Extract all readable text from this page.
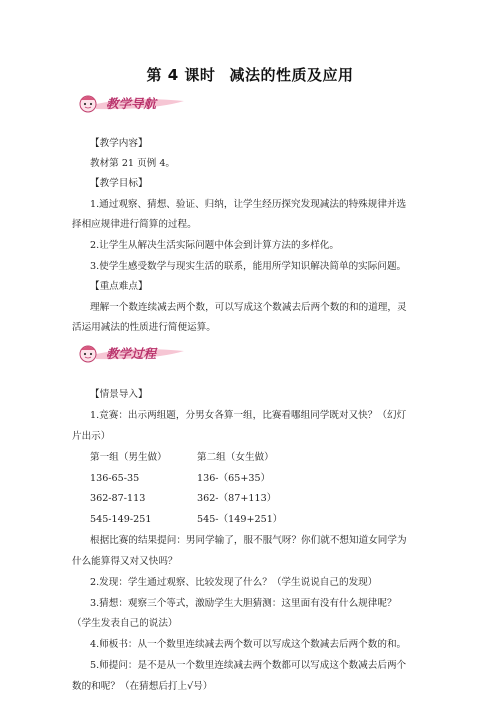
第 4 课时 减法的性质及应用
教学导航
【教学内容】
教材第 21 页例 4。
【教学目标】
1.通过观察、猜想、验证、归纳，让学生经历探究发现减法的特殊规律并选
择相应规律进行简算的过程。
2.让学生从解决生活实际问题中体会到计算方法的多样化。
3.使学生感受数学与现实生活的联系，能用所学知识解决简单的实际问题。
【重点难点】
理解一个数连续减去两个数，可以写成这个数减去后两个数的和的道理，灵
活运用减法的性质进行简便运算。
教学过程
【情景导入】
1.竞赛：出示两组题，分男女各算一组，比赛看哪组同学既对又快？（幻灯
片出示）
第一组（男生做）	第二组（女生做）
136-65-35	136-（65+35）
362-87-113	362-（87+113）
545-149-251	545-（149+251）
根据比赛的结果提问：男同学输了，服不服气呀？你们就不想知道女同学为
什么能算得又对又快吗？
2.发现：学生通过观察、比较发现了什么？（学生说说自己的发现）
3.猜想：观察三个等式，激励学生大胆猜测：这里面有没有什么规律呢？
（学生发表自己的说法）
4.师板书：从一个数里连续减去两个数可以写成这个数减去后两个数的和。
5.师提问：是不是从一个数里连续减去两个数都可以写成这个数减去后两个
数的和呢？（在猜想后打上√号）
